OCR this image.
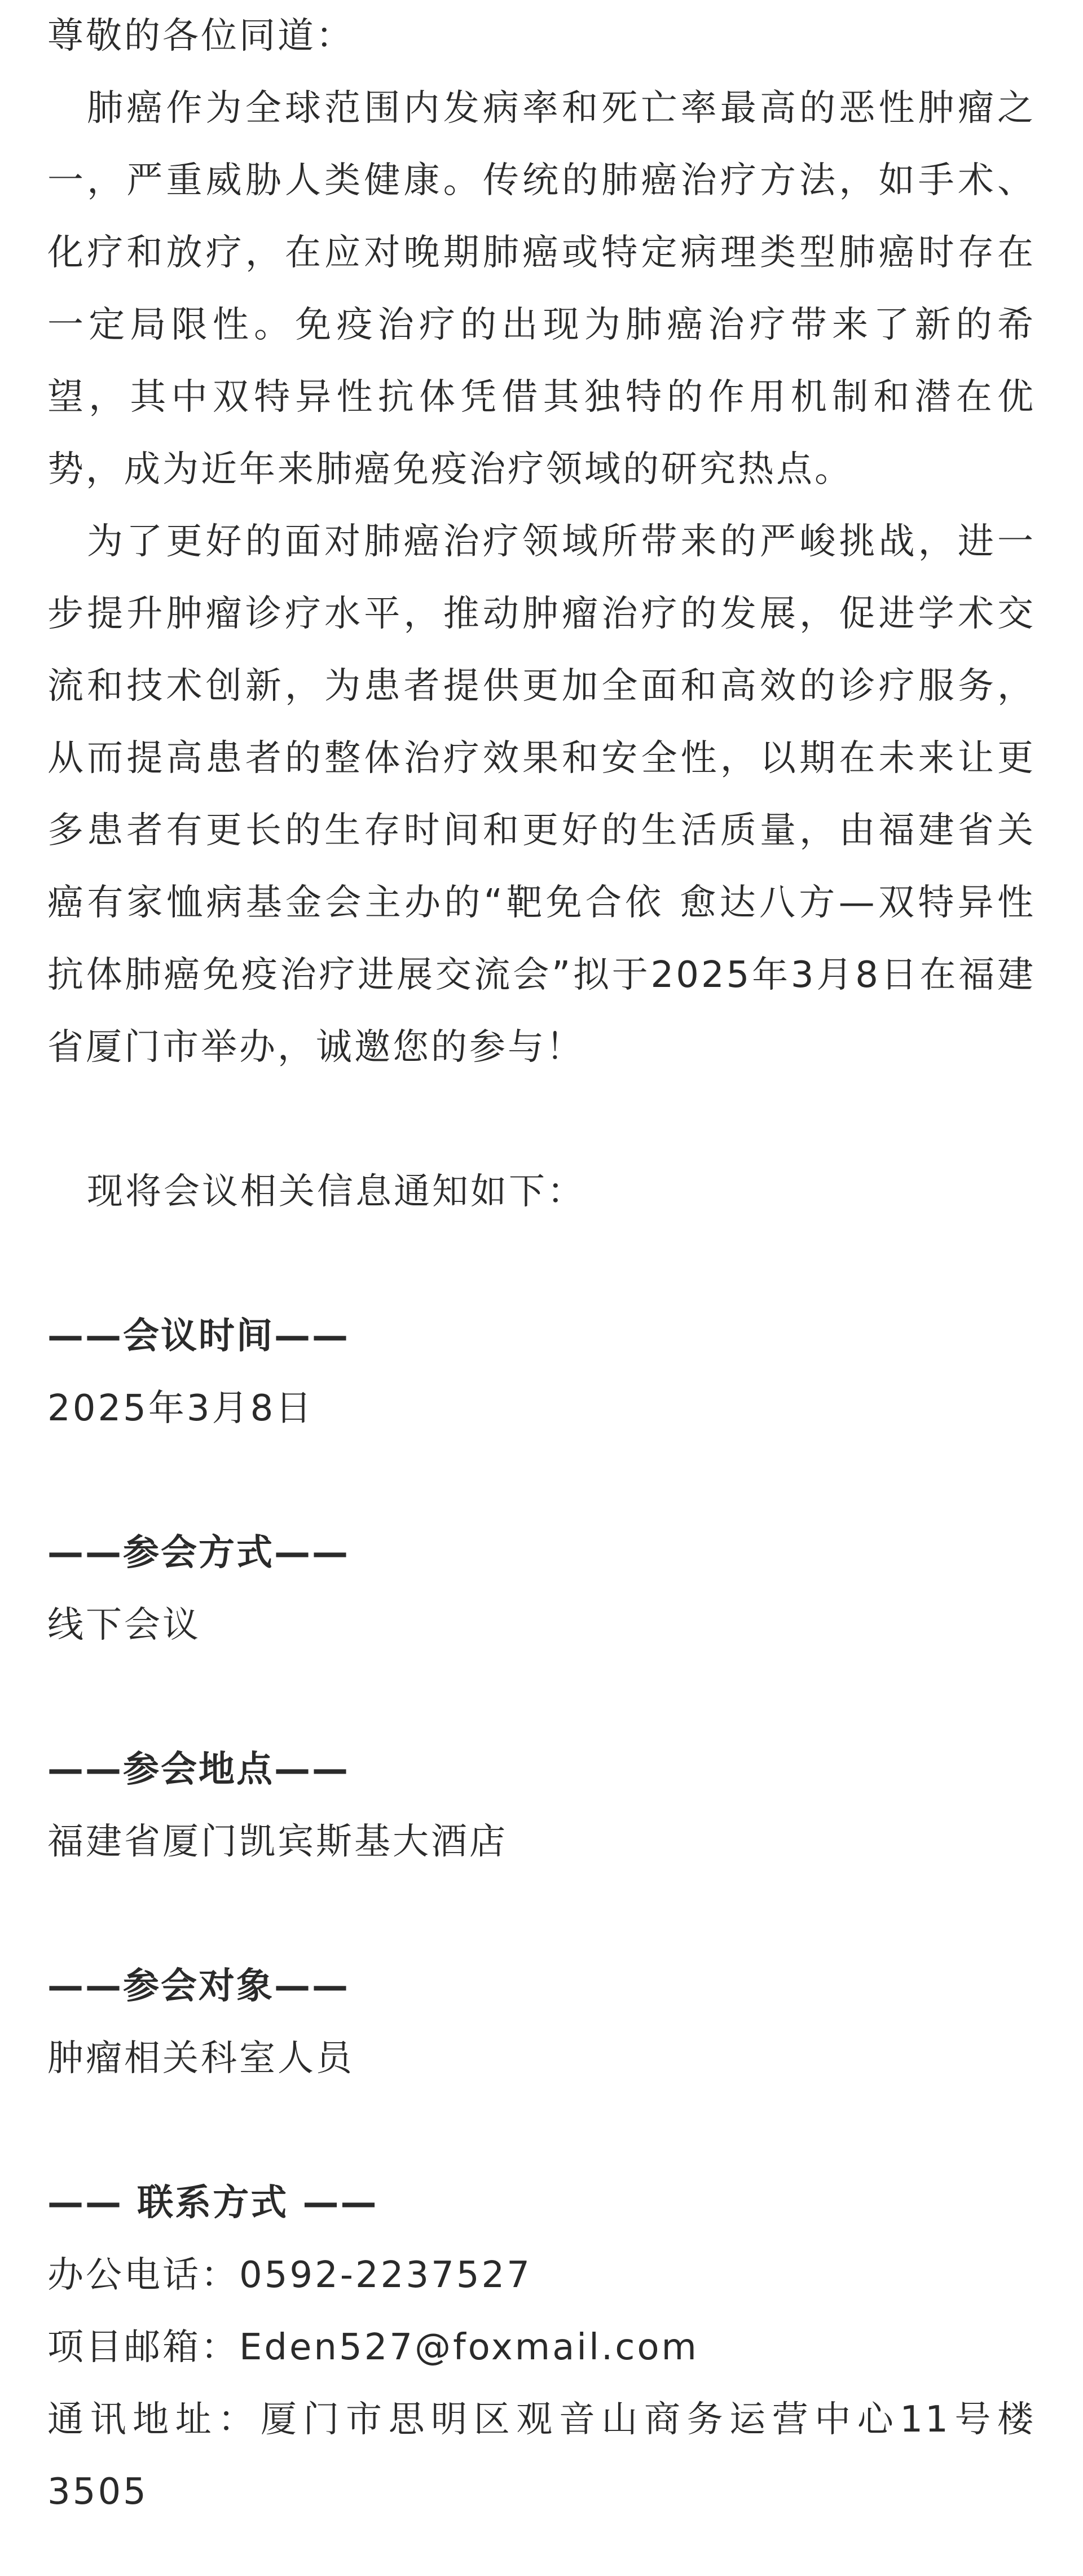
尊敬的各位同道：

肺癌作为全球范围内发病率和死亡率最高的恶性肿瘤之一，严重威胁人类健康。传统的肺癌治疗方法，如手术、化疗和放疗，在应对晚期肺癌或特定病理类型肺癌时存在一定局限性。免疫治疗的出现为肺癌治疗带来了新的希望，其中双特异性抗体凭借其独特的作用机制和潜在优势，成为近年来肺癌免疫治疗领域的研究热点。

为了更好的面对肺癌治疗领域所带来的严峻挑战，进一步提升肿瘤诊疗水平，推动肿瘤治疗的发展，促进学术交流和技术创新，为患者提供更加全面和高效的诊疗服务，从而提高患者的整体治疗效果和安全性，以期在未来让更多患者有更长的生存时间和更好的生活质量，由福建省关癌有家恤病基金会主办的“靶免合依 愈达八方—双特异性抗体肺癌免疫治疗进展交流会”拟于2025年3月8日在福建省厦门市举办，诚邀您的参与！

现将会议相关信息通知如下：

——会议时间——

2025年3月8日

——参会方式——

线下会议

——参会地点——

福建省厦门凯宾斯基大酒店

——参会对象——

肿瘤相关科室人员

—— 联系方式 ——

办公电话：0592-2237527

项目邮箱：Eden527@foxmail.com

通讯地址：厦门市思明区观音山商务运营中心11号楼3505
